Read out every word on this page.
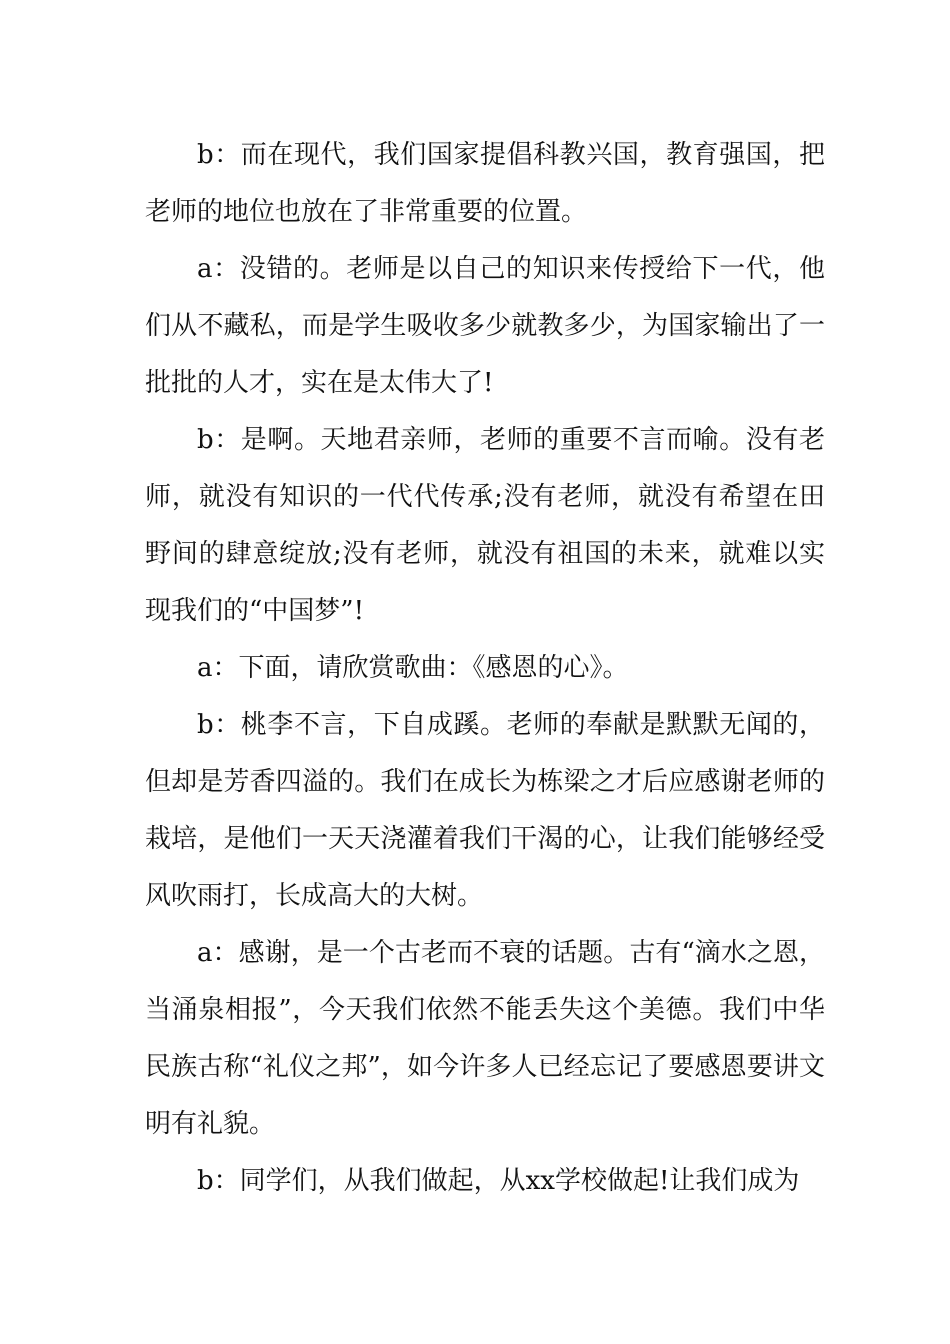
b：而在现代，我们国家提倡科教兴国，教育强国，把老师的地位也放在了非常重要的位置。

a：没错的。老师是以自己的知识来传授给下一代，他们从不藏私，而是学生吸收多少就教多少，为国家输出了一批批的人才，实在是太伟大了!

b：是啊。天地君亲师，老师的重要不言而喻。没有老师，就没有知识的一代代传承;没有老师，就没有希望在田野间的肆意绽放;没有老师，就没有祖国的未来，就难以实现我们的“中国梦”!

a：下面，请欣赏歌曲：《感恩的心》。

b：桃李不言，下自成蹊。老师的奉献是默默无闻的，但却是芳香四溢的。我们在成长为栋梁之才后应感谢老师的栽培，是他们一天天浇灌着我们干渴的心，让我们能够经受风吹雨打，长成高大的大树。

a：感谢，是一个古老而不衰的话题。古有“滴水之恩，当涌泉相报”，今天我们依然不能丢失这个美德。我们中华民族古称“礼仪之邦”，如今许多人已经忘记了要感恩要讲文明有礼貌。

b：同学们，从我们做起，从xx学校做起!让我们成为
